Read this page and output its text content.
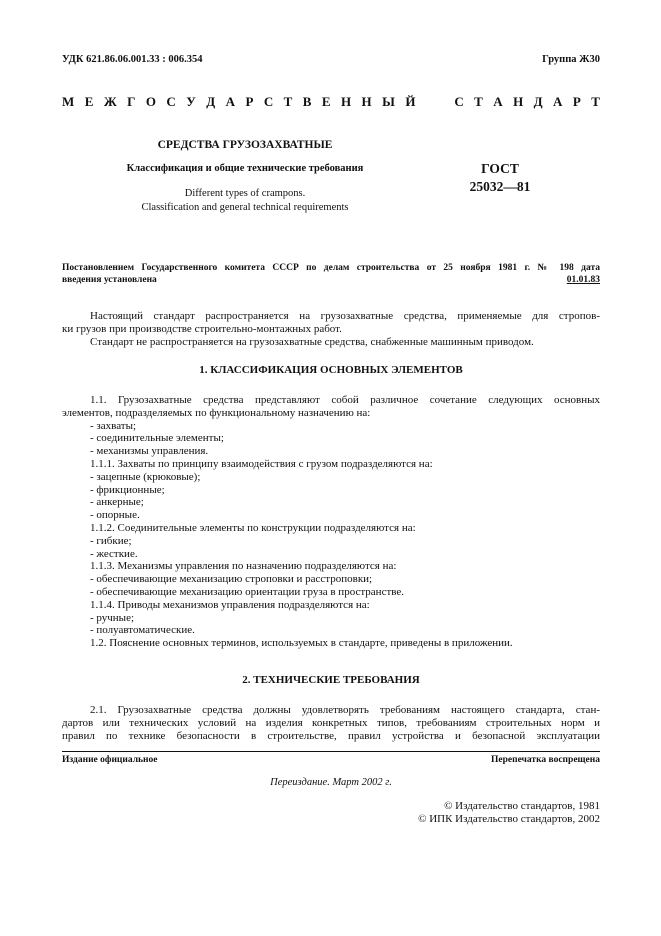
УДК 621.86.06.001.33 : 006.354	Группа Ж30
М Е Ж Г О С У Д А Р С Т В Е Н Н Ы Й	С Т А Н Д А Р Т
СРЕДСТВА ГРУЗОЗАХВАТНЫЕ
Классификация и общие технические требования
Different types of crampons.
Classification and general technical requirements
ГОСТ
25032—81
Постановлением Государственного комитета СССР по делам строительства от 25 ноября 1981 г. № 198 дата
введения установлена	01.01.83
Настоящий стандарт распространяется на грузозахватные средства, применяемые для стропов-
ки грузов при производстве строительно-монтажных работ.
Стандарт не распространяется на грузозахватные средства, снабженные машинным приводом.
1. КЛАССИФИКАЦИЯ ОСНОВНЫХ ЭЛЕМЕНТОВ
1.1. Грузозахватные средства представляют собой различное сочетание следующих основных
элементов, подразделяемых по функциональному назначению на:
- захваты;
- соединительные элементы;
- механизмы управления.
1.1.1. Захваты по принципу взаимодействия с грузом подразделяются на:
- зацепные (крюковые);
- фрикционные;
- анкерные;
- опорные.
1.1.2. Соединительные элементы по конструкции подразделяются на:
- гибкие;
- жесткие.
1.1.3. Механизмы управления по назначению подразделяются на:
- обеспечивающие механизацию строповки и расстроповки;
- обеспечивающие механизацию ориентации груза в пространстве.
1.1.4. Приводы механизмов управления подразделяются на:
- ручные;
- полуавтоматические.
1.2. Пояснение основных терминов, используемых в стандарте, приведены в приложении.
2. ТЕХНИЧЕСКИЕ ТРЕБОВАНИЯ
2.1. Грузозахватные средства должны удовлетворять требованиям настоящего стандарта, стан-
дартов или технических условий на изделия конкретных типов, требованиям строительных норм и
правил по технике безопасности в строительстве, правил устройства и безопасной эксплуатации
Издание официальное	Перепечатка воспрещена
Переиздание. Март 2002 г.
© Издательство стандартов, 1981
© ИПК Издательство стандартов, 2002
